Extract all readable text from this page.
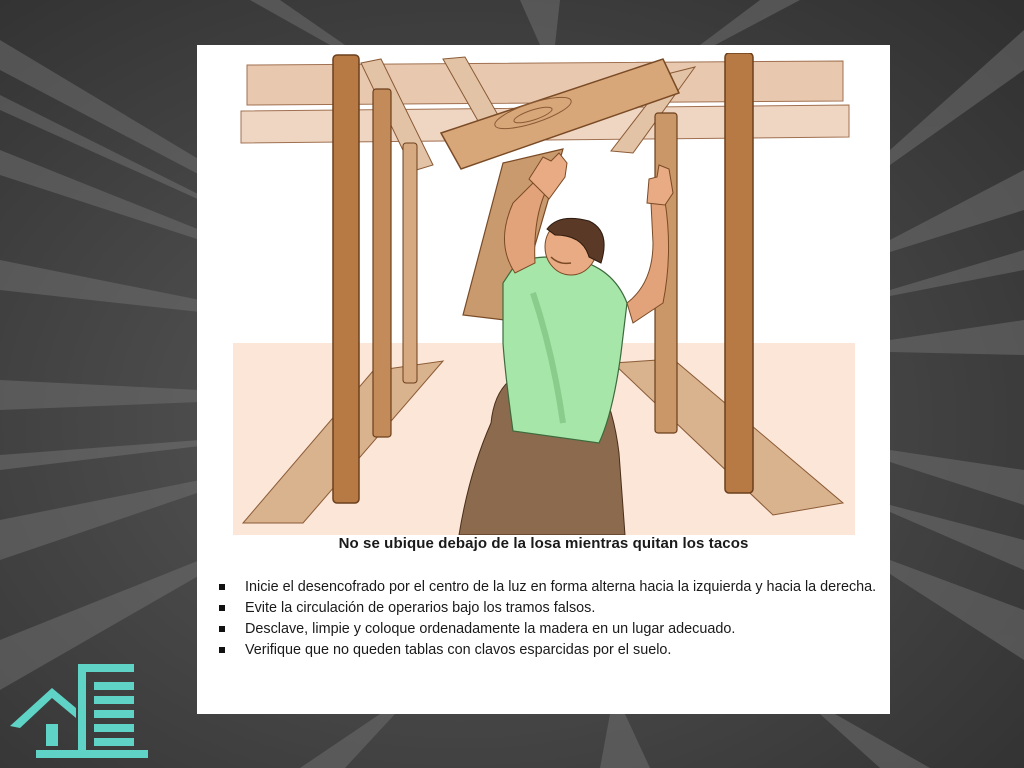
No se ubique debajo de la losa mientras quitan los tacos
Inicie el desencofrado por el centro de la luz en forma alterna hacia la izquierda y hacia la derecha.
Evite la circulación de operarios bajo los tramos falsos.
Desclave, limpie y coloque ordenadamente la madera en un lugar adecuado.
Verifique que no queden tablas con clavos esparcidas por el suelo.
